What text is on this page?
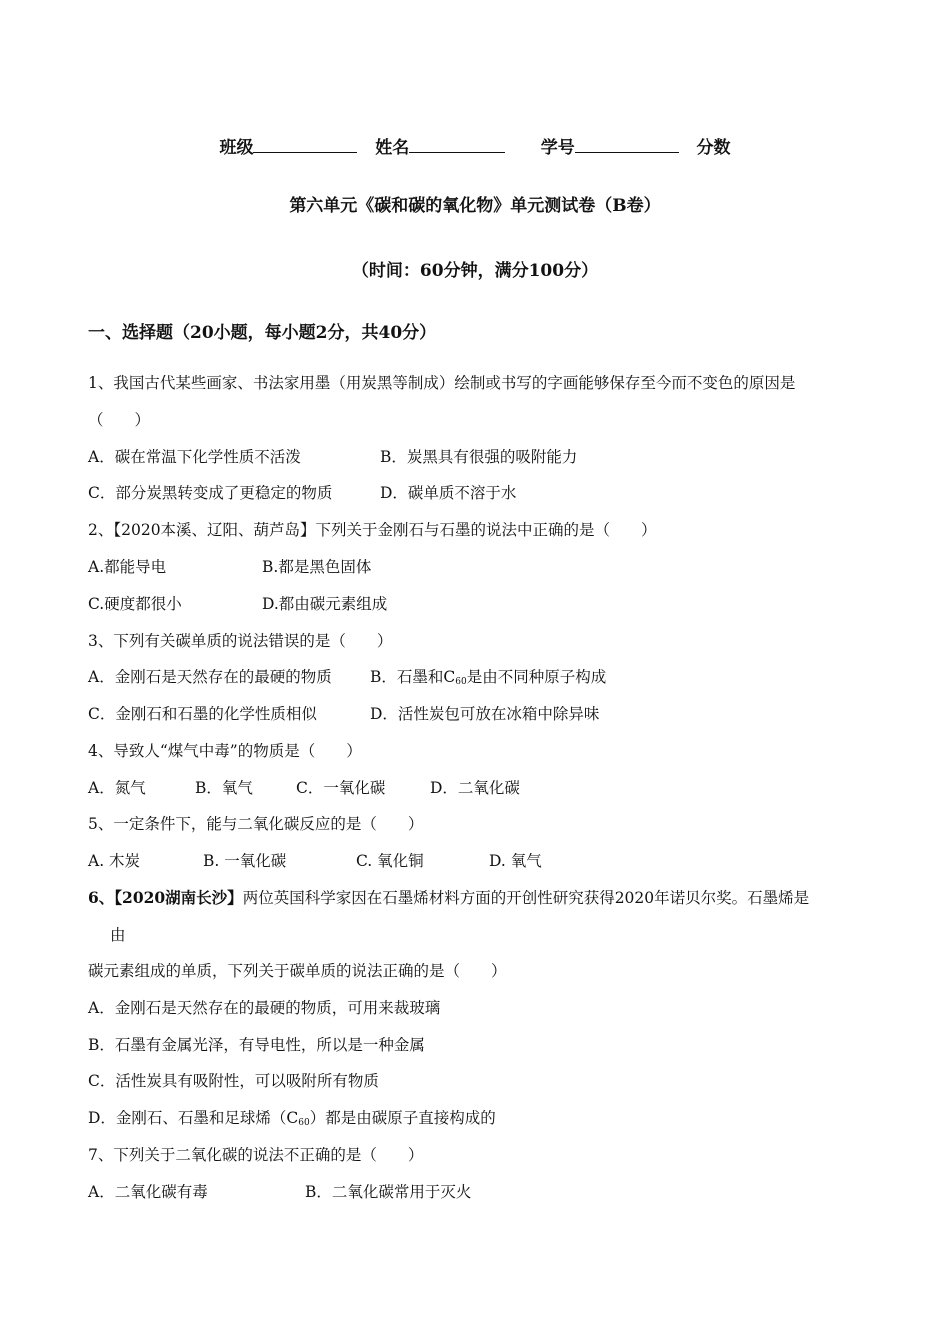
班级	姓名	学号	分数
第六单元《碳和碳的氧化物》单元测试卷（B卷）
（时间：60分钟，满分100分）
一、选择题（20小题，每小题2分，共40分）
1、我国古代某些画家、书法家用墨（用炭黑等制成）绘制或书写的字画能够保存至今而不变色的原因是
（　　）
A．碳在常温下化学性质不活泼	B．炭黑具有很强的吸附能力
C．部分炭黑转变成了更稳定的物质	D．碳单质不溶于水
2、【2020本溪、辽阳、葫芦岛】下列关于金刚石与石墨的说法中正确的是（　　）
A.都能导电	B.都是黑色固体
C.硬度都很小	D.都由碳元素组成
3、下列有关碳单质的说法错误的是（　　）
A．金刚石是天然存在的最硬的物质 B．石墨和$C_{60}$是由不同种原子构成
C．金刚石和石墨的化学性质相似	D．活性炭包可放在冰箱中除异味
4、导致人“煤气中毒”的物质是（　　）
A．氮气	B．氧气	C．一氧化碳	D．二氧化碳
5、一定条件下，能与二氧化碳反应的是（　　）
A. 木炭	B. 一氧化碳	C. 氧化铜	D. 氧气
6、【2020湖南长沙】两位英国科学家因在石墨烯材料方面的开创性研究获得2020年诺贝尔奖。石墨烯是
由
碳元素组成的单质，下列关于碳单质的说法正确的是（　　）
A．金刚石是天然存在的最硬的物质，可用来裁玻璃
B．石墨有金属光泽，有导电性，所以是一种金属
C．活性炭具有吸附性，可以吸附所有物质
D．金刚石、石墨和足球烯$(C_{60})$都是由碳原子直接构成的
7、下列关于二氧化碳的说法不正确的是（　　）
A．二氧化碳有毒	B．二氧化碳常用于灭火
